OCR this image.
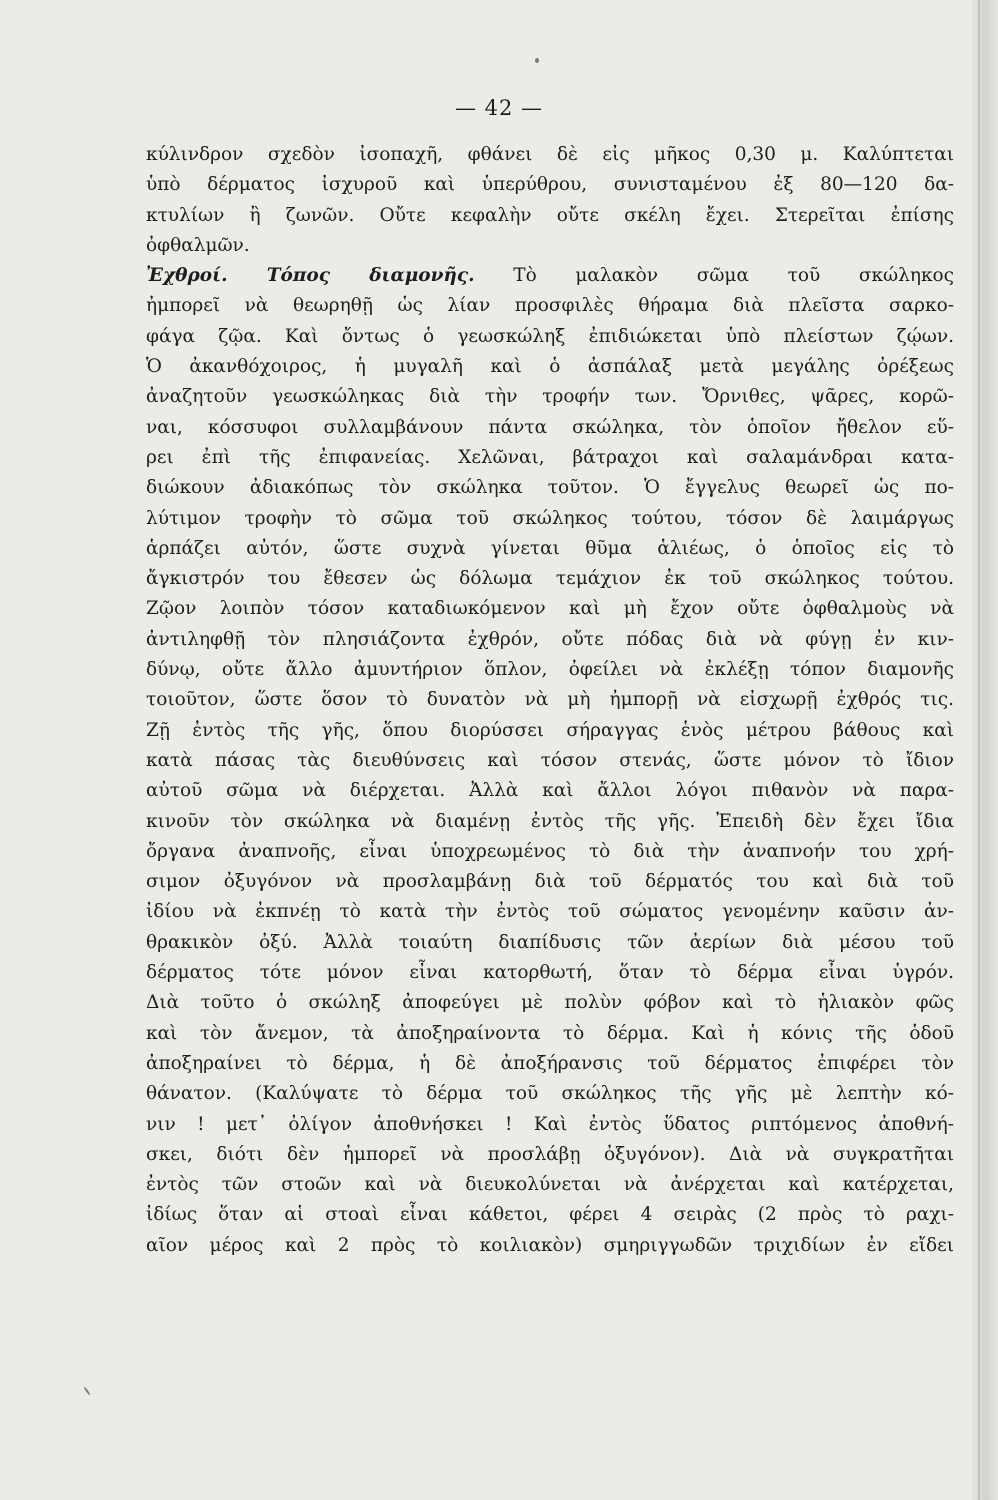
— 42 —
κύλινδρον σχεδὸν ἰσοπαχῆ, φθάνει δὲ εἰς μῆκος 0,30 μ. Καλύπτεται
ὑπὸ δέρματος ἰσχυροῦ καὶ ὑπερύθρου, συνισταμένου ἐξ 80—120 δα-
κτυλίων ἢ ζωνῶν. Οὔτε κεφαλὴν οὔτε σκέλη ἔχει. Στερεῖται ἐπίσης
ὀφθαλμῶν.
Ἐχθροί. Τόπος διαμονῆς. Τὸ μαλακὸν σῶμα τοῦ σκώληκος
ἠμπορεῖ νὰ θεωρηθῇ ὡς λίαν προσφιλὲς θήραμα διὰ πλεῖστα σαρκο-
φάγα ζῷα. Καὶ ὄντως ὁ γεωσκώληξ ἐπιδιώκεται ὑπὸ πλείστων ζῴων.
Ὁ ἀκανθόχοιρος, ἡ μυγαλῆ καὶ ὁ ἀσπάλαξ μετὰ μεγάλης ὀρέξεως
ἀναζητοῦν γεωσκώληκας διὰ τὴν τροφήν των. Ὄρνιθες, ψᾶρες, κορῶ-
ναι, κόσσυφοι συλλαμβάνουν πάντα σκώληκα, τὸν ὁποῖον ἤθελον εὕ-
ρει ἐπὶ τῆς ἐπιφανείας. Χελῶναι, βάτραχοι καὶ σαλαμάνδραι κατα-
διώκουν ἀδιακόπως τὸν σκώληκα τοῦτον. Ὁ ἔγγελυς θεωρεῖ ὡς πο-
λύτιμον τροφὴν τὸ σῶμα τοῦ σκώληκος τούτου, τόσον δὲ λαιμάργως
ἁρπάζει αὐτόν, ὥστε συχνὰ γίνεται θῦμα ἁλιέως, ὁ ὁποῖος εἰς τὸ
ἄγκιστρόν του ἔθεσεν ὡς δόλωμα τεμάχιον ἐκ τοῦ σκώληκος τούτου.
Ζῷον λοιπὸν τόσον καταδιωκόμενον καὶ μὴ ἔχον οὔτε ὀφθαλμοὺς νὰ
ἀντιληφθῇ τὸν πλησιάζοντα ἐχθρόν, οὔτε πόδας διὰ νὰ φύγῃ ἐν κιν-
δύνῳ, οὔτε ἄλλο ἀμυντήριον ὅπλον, ὀφείλει νὰ ἐκλέξῃ τόπον διαμονῆς
τοιοῦτον, ὥστε ὅσον τὸ δυνατὸν νὰ μὴ ἠμπορῇ νὰ εἰσχωρῇ ἐχθρός τις.
Ζῇ ἐντὸς τῆς γῆς, ὅπου διορύσσει σήραγγας ἑνὸς μέτρου βάθους καὶ
κατὰ πάσας τὰς διευθύνσεις καὶ τόσον στενάς, ὥστε μόνον τὸ ἴδιον
αὐτοῦ σῶμα νὰ διέρχεται. Ἀλλὰ καὶ ἄλλοι λόγοι πιθανὸν νὰ παρα-
κινοῦν τὸν σκώληκα νὰ διαμένῃ ἐντὸς τῆς γῆς. Ἐπειδὴ δὲν ἔχει ἴδια
ὄργανα ἀναπνοῆς, εἶναι ὑποχρεωμένος τὸ διὰ τὴν ἀναπνοήν του χρή-
σιμον ὀξυγόνον νὰ προσλαμβάνῃ διὰ τοῦ δέρματός του καὶ διὰ τοῦ
ἰδίου νὰ ἐκπνέῃ τὸ κατὰ τὴν ἐντὸς τοῦ σώματος γενομένην καῦσιν ἀν-
θρακικὸν ὀξύ. Ἀλλὰ τοιαύτη διαπίδυσις τῶν ἀερίων διὰ μέσου τοῦ
δέρματος τότε μόνον εἶναι κατορθωτή, ὅταν τὸ δέρμα εἶναι ὑγρόν.
Διὰ τοῦτο ὁ σκώληξ ἀποφεύγει μὲ πολὺν φόβον καὶ τὸ ἡλιακὸν φῶς
καὶ τὸν ἄνεμον, τὰ ἀποξηραίνοντα τὸ δέρμα. Καὶ ἡ κόνις τῆς ὁδοῦ
ἀποξηραίνει τὸ δέρμα, ἡ δὲ ἀποξήρανσις τοῦ δέρματος ἐπιφέρει τὸν
θάνατον. (Καλύψατε τὸ δέρμα τοῦ σκώληκος τῆς γῆς μὲ λεπτὴν κό-
νιν ! μετ᾽ ὀλίγον ἀποθνήσκει ! Καὶ ἐντὸς ὕδατος ριπτόμενος ἀποθνή-
σκει, διότι δὲν ἠμπορεῖ νὰ προσλάβῃ ὀξυγόνον). Διὰ νὰ συγκρατῆται
ἐντὸς τῶν στοῶν καὶ νὰ διευκολύνεται νὰ ἀνέρχεται καὶ κατέρχεται,
ἰδίως ὅταν αἱ στοαὶ εἶναι κάθετοι, φέρει 4 σειρὰς (2 πρὸς τὸ ραχι-
αῖον μέρος καὶ 2 πρὸς τὸ κοιλιακὸν) σμηριγγωδῶν τριχιδίων ἐν εἴδει
